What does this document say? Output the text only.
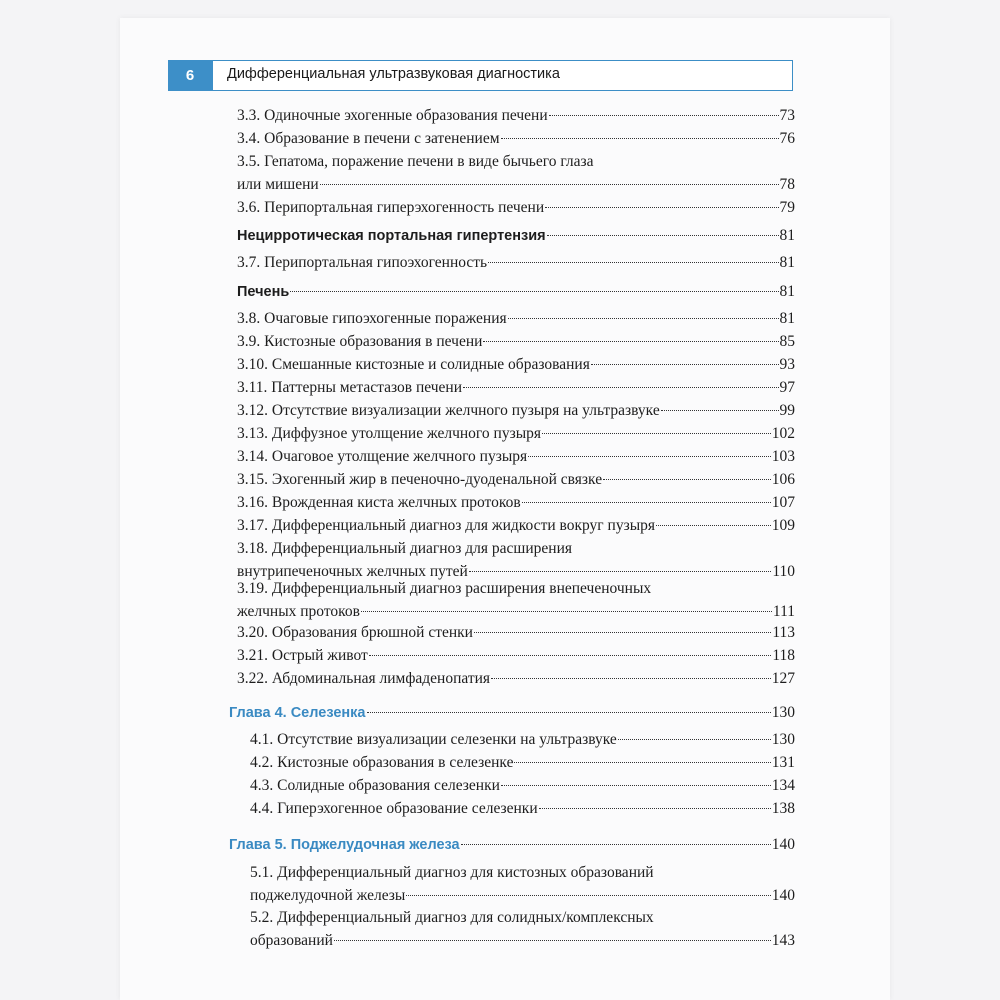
6	Дифференциальная ультразвуковая диагностика
3.3. Одиночные эхогенные образования печени	73
3.4. Образование в печени с затенением	76
3.5. Гепатома, поражение печени в виде бычьего глаза
или мишени	78
3.6. Перипортальная гиперэхогенность печени	79
Нецирротическая портальная гипертензия	81
3.7. Перипортальная гипоэхогенность	81
Печень	81
3.8. Очаговые гипоэхогенные поражения	81
3.9. Кистозные образования в печени	85
3.10. Смешанные кистозные и солидные образования	93
3.11. Паттерны метастазов печени	97
3.12. Отсутствие визуализации желчного пузыря на ультразвуке	99
3.13. Диффузное утолщение желчного пузыря	102
3.14. Очаговое утолщение желчного пузыря	103
3.15. Эхогенный жир в печеночно-дуоденальной связке	106
3.16. Врожденная киста желчных протоков	107
3.17. Дифференциальный диагноз для жидкости вокруг пузыря	109
3.18. Дифференциальный диагноз для расширения
внутрипеченочных желчных путей	110
3.19. Дифференциальный диагноз расширения внепеченочных
желчных протоков	111
3.20. Образования брюшной стенки	113
3.21. Острый живот	118
3.22. Абдоминальная лимфаденопатия	127
Глава 4. Селезенка	130
4.1. Отсутствие визуализации селезенки на ультразвуке	130
4.2. Кистозные образования в селезенке	131
4.3. Солидные образования селезенки	134
4.4. Гиперэхогенное образование селезенки	138
Глава 5. Поджелудочная железа	140
5.1. Дифференциальный диагноз для кистозных образований
поджелудочной железы	140
5.2. Дифференциальный диагноз для солидных/комплексных
образований	143
